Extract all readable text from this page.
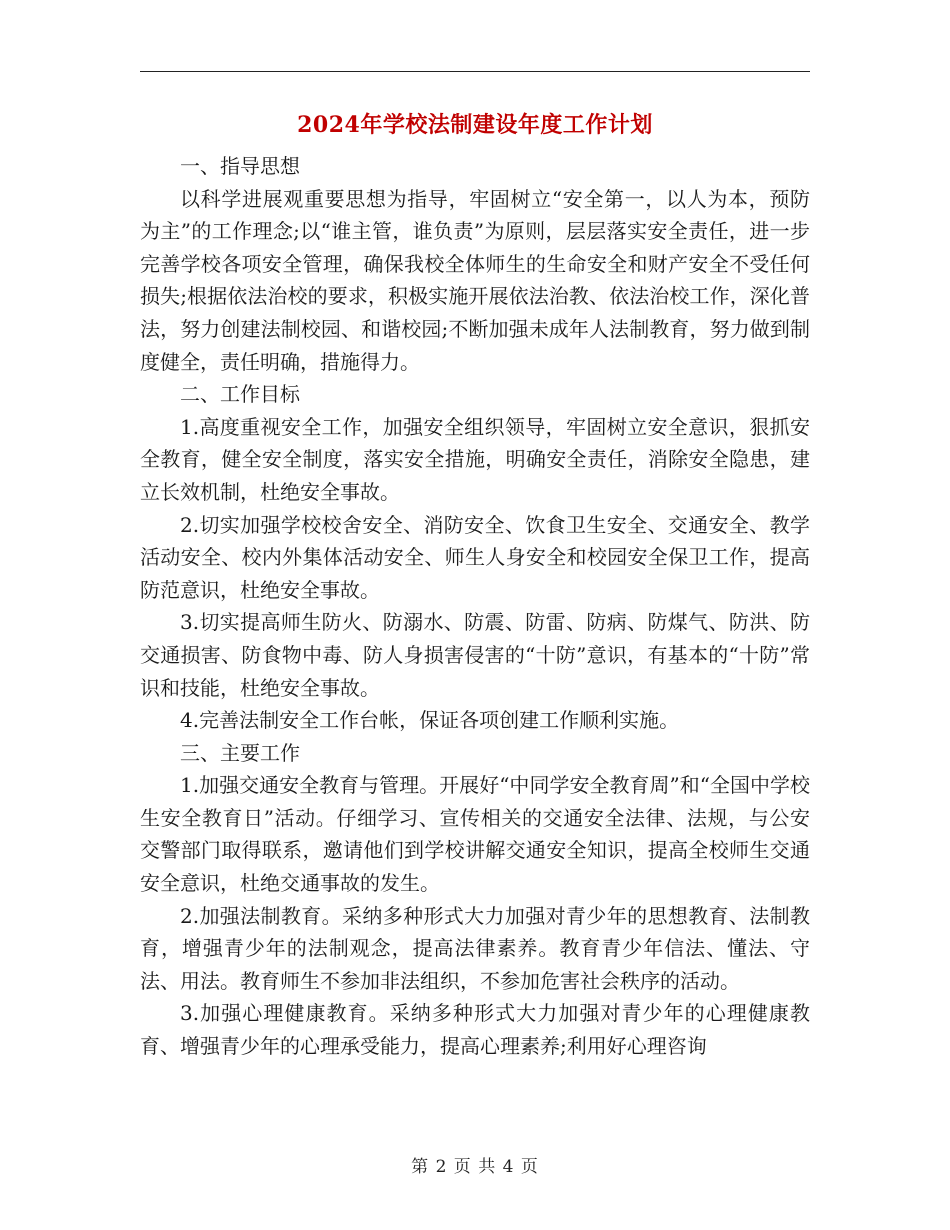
2024年学校法制建设年度工作计划

一、指导思想

以科学进展观重要思想为指导，牢固树立“安全第一，以人为本，预防为主”的工作理念;以“谁主管，谁负责”为原则，层层落实安全责任，进一步完善学校各项安全管理，确保我校全体师生的生命安全和财产安全不受任何损失;根据依法治校的要求，积极实施开展依法治教、依法治校工作，深化普法，努力创建法制校园、和谐校园;不断加强未成年人法制教育，努力做到制度健全，责任明确，措施得力。

二、工作目标

1.高度重视安全工作，加强安全组织领导，牢固树立安全意识，狠抓安全教育，健全安全制度，落实安全措施，明确安全责任，消除安全隐患，建立长效机制，杜绝安全事故。

2.切实加强学校校舍安全、消防安全、饮食卫生安全、交通安全、教学活动安全、校内外集体活动安全、师生人身安全和校园安全保卫工作，提高防范意识，杜绝安全事故。

3.切实提高师生防火、防溺水、防震、防雷、防病、防煤气、防洪、防交通损害、防食物中毒、防人身损害侵害的“十防”意识，有基本的“十防”常识和技能，杜绝安全事故。

4.完善法制安全工作台帐，保证各项创建工作顺利实施。

三、主要工作

1.加强交通安全教育与管理。开展好“中同学安全教育周”和“全国中学校生安全教育日”活动。仔细学习、宣传相关的交通安全法律、法规，与公安交警部门取得联系，邀请他们到学校讲解交通安全知识，提高全校师生交通安全意识，杜绝交通事故的发生。

2.加强法制教育。采纳多种形式大力加强对青少年的思想教育、法制教育，增强青少年的法制观念，提高法律素养。教育青少年信法、懂法、守法、用法。教育师生不参加非法组织，不参加危害社会秩序的活动。

3.加强心理健康教育。采纳多种形式大力加强对青少年的心理健康教育、增强青少年的心理承受能力，提高心理素养;利用好心理咨询

第 2 页 共 4 页
